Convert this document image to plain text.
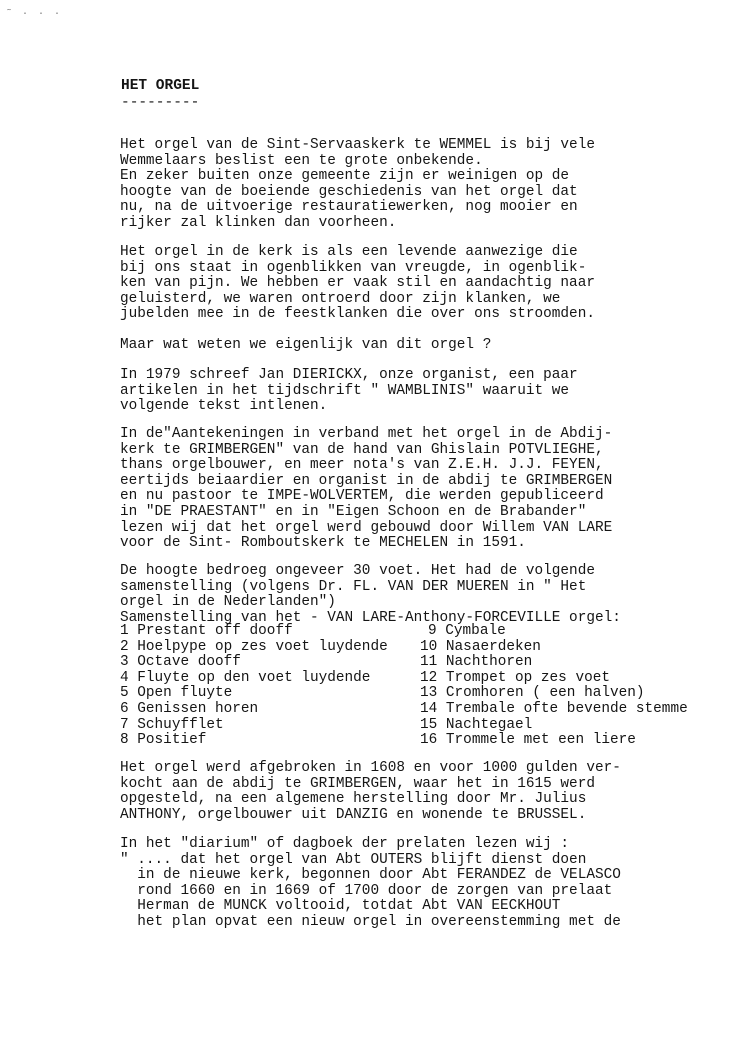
˜ · · ·
HET ORGEL
---------
Het orgel van de Sint-Servaaskerk te WEMMEL is bij vele
Wemmelaars beslist een te grote onbekende.
En zeker buiten onze gemeente zijn er weinigen op de
hoogte van de boeiende geschiedenis van het orgel dat
nu, na de uitvoerige restauratiewerken, nog mooier en
rijker zal klinken dan voorheen.
Het orgel in de kerk is als een levende aanwezige die
bij ons staat in ogenblikken van vreugde, in ogenblik-
ken van pijn. We hebben er vaak stil en aandachtig naar
geluisterd, we waren ontroerd door zijn klanken, we
jubelden mee in de feestklanken die over ons stroomden.
Maar wat weten we eigenlijk van dit orgel ?
In 1979 schreef Jan DIERICKX, onze organist, een paar
artikelen in het tijdschrift " WAMBLINIS" waaruit we
volgende tekst intlenen.
In de"Aantekeningen in verband met het orgel in de Abdij-
kerk te GRIMBERGEN" van de hand van Ghislain POTVLIEGHE,
thans orgelbouwer, en meer nota's van Z.E.H. J.J. FEYEN,
eertijds beiaardier en organist in de abdij te GRIMBERGEN
en nu pastoor te IMPE-WOLVERTEM, die werden gepubliceerd
in "DE PRAESTANT" en in "Eigen Schoon en de Brabander"
lezen wij dat het orgel werd gebouwd door Willem VAN LARE
voor de Sint- Romboutskerk te MECHELEN in 1591.
De hoogte bedroeg ongeveer 30 voet. Het had de volgende
samenstelling (volgens Dr. FL. VAN DER MUEREN in " Het
orgel in de Nederlanden")
Samenstelling van het - VAN LARE-Anthony-FORCEVILLE orgel:
1 Prestant off dooff
2 Hoelpype op zes voet luydende
3 Octave dooff
4 Fluyte op den voet luydende
5 Open fluyte
6 Genissen horen
7 Schuyfflet
8 Positief
9 Cymbale
10 Nasaerdeken
11 Nachthoren
12 Trompet op zes voet
13 Cromhoren ( een halven)
14 Trembale ofte bevende stemme
15 Nachtegael
16 Trommele met een liere
Het orgel werd afgebroken in 1608 en voor 1000 gulden ver-
kocht aan de abdij te GRIMBERGEN, waar het in 1615 werd
opgesteld, na een algemene herstelling door Mr. Julius
ANTHONY, orgelbouwer uit DANZIG en wonende te BRUSSEL.
In het "diarium" of dagboek der prelaten lezen wij :
" .... dat het orgel van Abt OUTERS blijft dienst doen
in de nieuwe kerk, begonnen door Abt FERANDEZ de VELASCO
rond 1660 en in 1669 of 1700 door de zorgen van prelaat
Herman de MUNCK voltooid, totdat Abt VAN EECKHOUT
het plan opvat een nieuw orgel in overeenstemming met de
